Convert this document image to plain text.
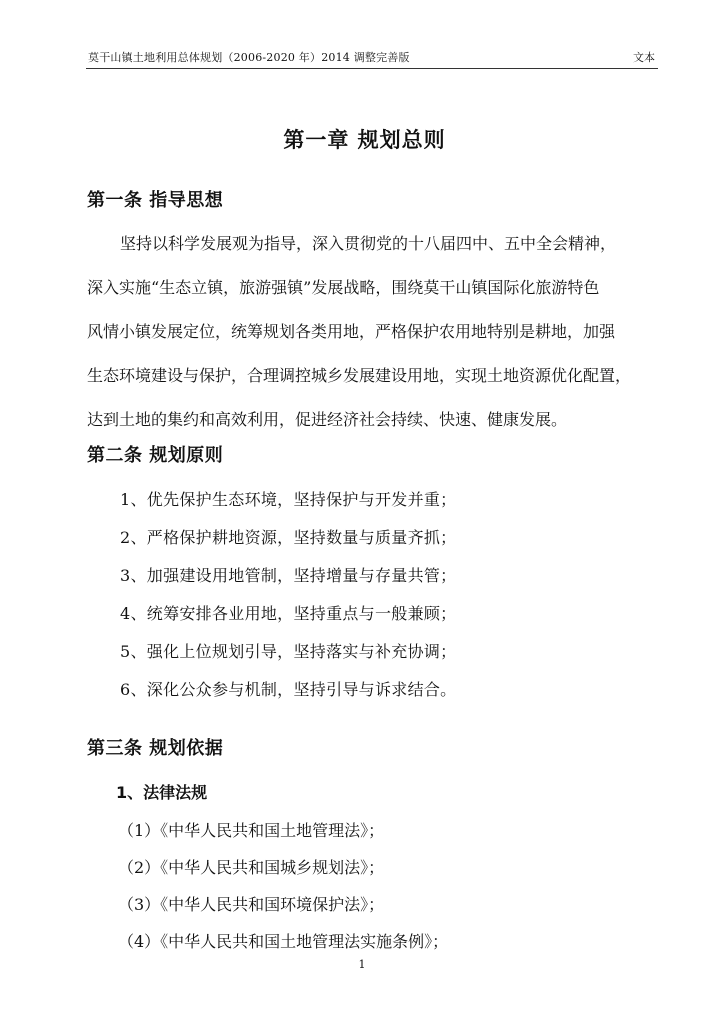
莫干山镇土地利用总体规划（2006-2020 年）2014 调整完善版	文本
第一章 规划总则
第一条 指导思想

坚持以科学发展观为指导，深入贯彻党的十八届四中、五中全会精神，

深入实施“生态立镇，旅游强镇”发展战略，围绕莫干山镇国际化旅游特色

风情小镇发展定位，统筹规划各类用地，严格保护农用地特别是耕地，加强

生态环境建设与保护，合理调控城乡发展建设用地，实现土地资源优化配置，

达到土地的集约和高效利用，促进经济社会持续、快速、健康发展。

第二条 规划原则
1、优先保护生态环境，坚持保护与开发并重；
2、严格保护耕地资源，坚持数量与质量齐抓；
3、加强建设用地管制，坚持增量与存量共管；
4、统筹安排各业用地，坚持重点与一般兼顾；
5、强化上位规划引导，坚持落实与补充协调；
6、深化公众参与机制，坚持引导与诉求结合。
第三条 规划依据
1、法律法规
（1）《中华人民共和国土地管理法》；
（2）《中华人民共和国城乡规划法》；
（3）《中华人民共和国环境保护法》；
（4）《中华人民共和国土地管理法实施条例》；
1
